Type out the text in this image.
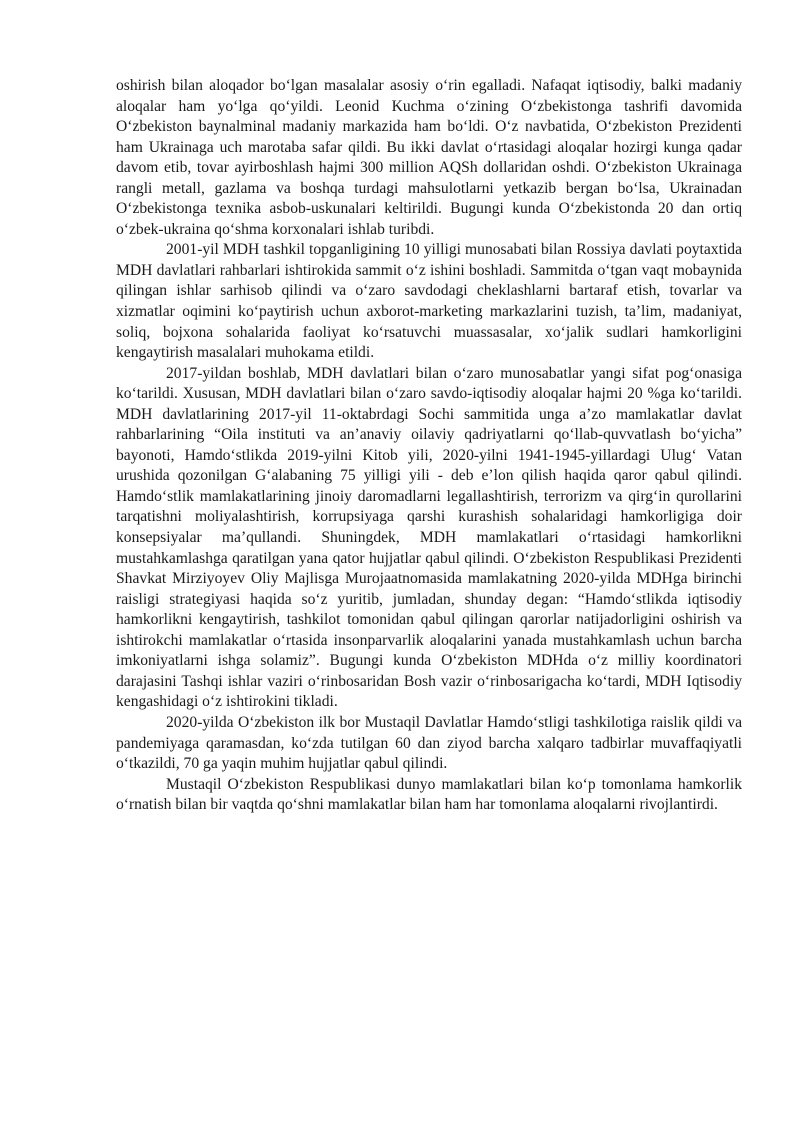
oshirish bilan aloqador bo‘lgan masalalar asosiy o‘rin egalladi. Nafaqat iqtisodiy, balki madaniy aloqalar ham yo‘lga qo‘yildi. Leonid Kuchma o‘zining O‘zbekistonga tashrifi davomida O‘zbekiston baynalminal madaniy markazida ham bo‘ldi. O‘z navbatida, O‘zbekiston Prezidenti ham Ukrainaga uch marotaba safar qildi. Bu ikki davlat o‘rtasidagi aloqalar hozirgi kunga qadar davom etib, tovar ayirboshlash hajmi 300 million AQSh dollaridan oshdi. O‘zbekiston Ukrainaga rangli metall, gazlama va boshqa turdagi mahsulotlarni yetkazib bergan bo‘lsa, Ukrainadan O‘zbekistonga texnika asbob-uskunalari keltirildi. Bugungi kunda O‘zbekistonda 20 dan ortiq o‘zbek-ukraina qo‘shma korxonalari ishlab turibdi.

2001-yil MDH tashkil topganligining 10 yilligi munosabati bilan Rossiya davlati poytaxtida MDH davlatlari rahbarlari ishtirokida sammit o‘z ishini boshladi. Sammitda o‘tgan vaqt mobaynida qilingan ishlar sarhisob qilindi va o‘zaro savdodagi cheklashlarni bartaraf etish, tovarlar va xizmatlar oqimini ko‘paytirish uchun axborot-marketing markazlarini tuzish, ta’lim, madaniyat, soliq, bojxona sohalarida faoliyat ko‘rsatuvchi muassasalar, xo‘jalik sudlari hamkorligini kengaytirish masalalari muhokama etildi.

2017-yildan boshlab, MDH davlatlari bilan o‘zaro munosabatlar yangi sifat pog‘onasiga ko‘tarildi. Xususan, MDH davlatlari bilan o‘zaro savdo-iqtisodiy aloqalar hajmi 20 %ga ko‘tarildi. MDH davlatlarining 2017-yil 11-oktabrdagi Sochi sammitida unga a’zo mamlakatlar davlat rahbarlarining “Oila instituti va an’anaviy oilaviy qadriyatlarni qo‘llab-quvvatlash bo‘yicha” bayonoti, Hamdo‘stlikda 2019-yilni Kitob yili, 2020-yilni 1941-1945-yillardagi Ulug‘ Vatan urushida qozonilgan G‘alabaning 75 yilligi yili - deb e’lon qilish haqida qaror qabul qilindi. Hamdo‘stlik mamlakatlarining jinoiy daromadlarni legallashtirish, terrorizm va qirg‘in qurollarini tarqatishni moliyalashtirish, korrupsiyaga qarshi kurashish sohalaridagi hamkorligiga doir konsepsiyalar ma’qullandi. Shuningdek, MDH mamlakatlari o‘rtasidagi hamkorlikni mustahkamlashga qaratilgan yana qator hujjatlar qabul qilindi. O‘zbekiston Respublikasi Prezidenti Shavkat Mirziyoyev Oliy Majlisga Murojaatnomasida mamlakatning 2020-yilda MDHga birinchi raisligi strategiyasi haqida so‘z yuritib, jumladan, shunday degan: “Hamdo‘stlikda iqtisodiy hamkorlikni kengaytirish, tashkilot tomonidan qabul qilingan qarorlar natijadorligini oshirish va ishtirokchi mamlakatlar o‘rtasida insonparvarlik aloqalarini yanada mustahkamlash uchun barcha imkoniyatlarni ishga solamiz”. Bugungi kunda O‘zbekiston MDHda o‘z milliy koordinatori darajasini Tashqi ishlar vaziri o‘rinbosaridan Bosh vazir o‘rinbosarigacha ko‘tardi, MDH Iqtisodiy kengashidagi o‘z ishtirokini tikladi.

2020-yilda O‘zbekiston ilk bor Mustaqil Davlatlar Hamdo‘stligi tashkilotiga raislik qildi va pandemiyaga qaramasdan, ko‘zda tutilgan 60 dan ziyod barcha xalqaro tadbirlar muvaffaqiyatli o‘tkazildi, 70 ga yaqin muhim hujjatlar qabul qilindi.

Mustaqil O‘zbekiston Respublikasi dunyo mamlakatlari bilan ko‘p tomonlama hamkorlik o‘rnatish bilan bir vaqtda qo‘shni mamlakatlar bilan ham har tomonlama aloqalarni rivojlantirdi.
